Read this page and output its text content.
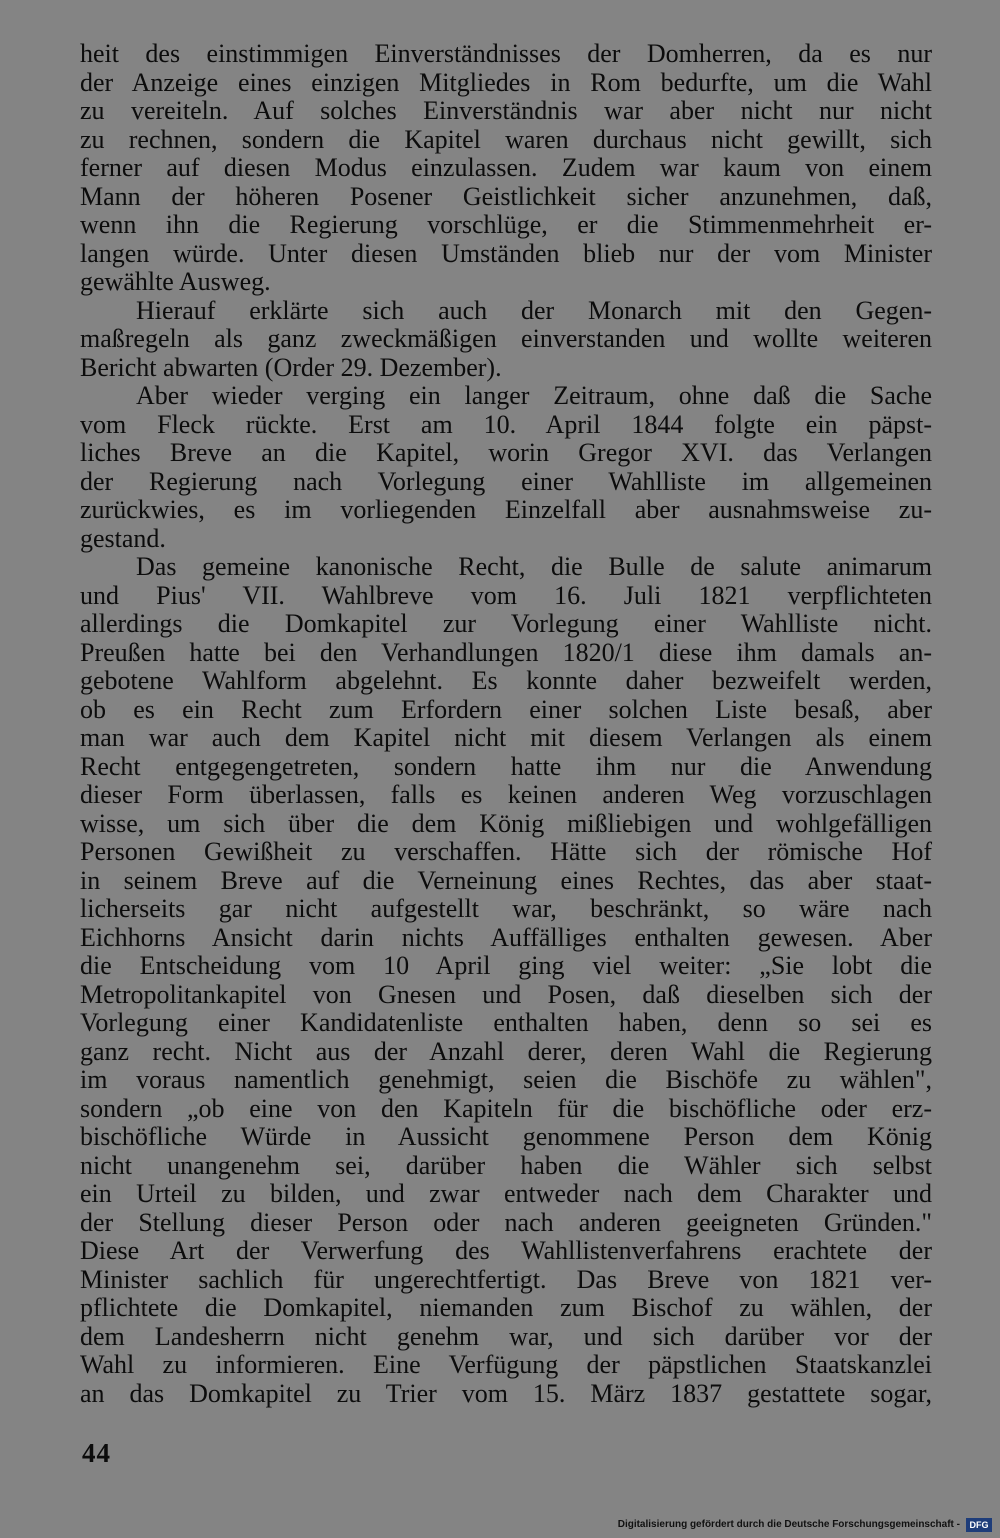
heit des einstimmigen Einverständnisses der Domherren, da es nur
der Anzeige eines einzigen Mitgliedes in Rom bedurfte, um die Wahl
zu vereiteln. Auf solches Einverständnis war aber nicht nur nicht
zu rechnen, sondern die Kapitel waren durchaus nicht gewillt, sich
ferner auf diesen Modus einzulassen. Zudem war kaum von einem
Mann der höheren Posener Geistlichkeit sicher anzunehmen, daß,
wenn ihn die Regierung vorschlüge, er die Stimmenmehrheit er-
langen würde. Unter diesen Umständen blieb nur der vom Minister
gewählte Ausweg.
Hierauf erklärte sich auch der Monarch mit den Gegen-
maßregeln als ganz zweckmäßigen einverstanden und wollte weiteren
Bericht abwarten (Order 29. Dezember).
Aber wieder verging ein langer Zeitraum, ohne daß die Sache
vom Fleck rückte. Erst am 10. April 1844 folgte ein päpst-
liches Breve an die Kapitel, worin Gregor XVI. das Verlangen
der Regierung nach Vorlegung einer Wahlliste im allgemeinen
zurückwies, es im vorliegenden Einzelfall aber ausnahmsweise zu-
gestand.
Das gemeine kanonische Recht, die Bulle de salute animarum
und Pius' VII. Wahlbreve vom 16. Juli 1821 verpflichteten
allerdings die Domkapitel zur Vorlegung einer Wahlliste nicht.
Preußen hatte bei den Verhandlungen 1820/1 diese ihm damals an-
gebotene Wahlform abgelehnt. Es konnte daher bezweifelt werden,
ob es ein Recht zum Erfordern einer solchen Liste besaß, aber
man war auch dem Kapitel nicht mit diesem Verlangen als einem
Recht entgegengetreten, sondern hatte ihm nur die Anwendung
dieser Form überlassen, falls es keinen anderen Weg vorzuschlagen
wisse, um sich über die dem König mißliebigen und wohlgefälligen
Personen Gewißheit zu verschaffen. Hätte sich der römische Hof
in seinem Breve auf die Verneinung eines Rechtes, das aber staat-
licherseits gar nicht aufgestellt war, beschränkt, so wäre nach
Eichhorns Ansicht darin nichts Auffälliges enthalten gewesen. Aber
die Entscheidung vom 10 April ging viel weiter: „Sie lobt die
Metropolitankapitel von Gnesen und Posen, daß dieselben sich der
Vorlegung einer Kandidatenliste enthalten haben, denn so sei es
ganz recht. Nicht aus der Anzahl derer, deren Wahl die Regierung
im voraus namentlich genehmigt, seien die Bischöfe zu wählen",
sondern „ob eine von den Kapiteln für die bischöfliche oder erz-
bischöfliche Würde in Aussicht genommene Person dem König
nicht unangenehm sei, darüber haben die Wähler sich selbst
ein Urteil zu bilden, und zwar entweder nach dem Charakter und
der Stellung dieser Person oder nach anderen geeigneten Gründen."
Diese Art der Verwerfung des Wahllistenverfahrens erachtete der
Minister sachlich für ungerechtfertigt. Das Breve von 1821 ver-
pflichtete die Domkapitel, niemanden zum Bischof zu wählen, der
dem Landesherrn nicht genehm war, und sich darüber vor der
Wahl zu informieren. Eine Verfügung der päpstlichen Staatskanzlei
an das Domkapitel zu Trier vom 15. März 1837 gestattete sogar,
44
Digitalisierung gefördert durch die Deutsche Forschungsgemeinschaft -	DFG
